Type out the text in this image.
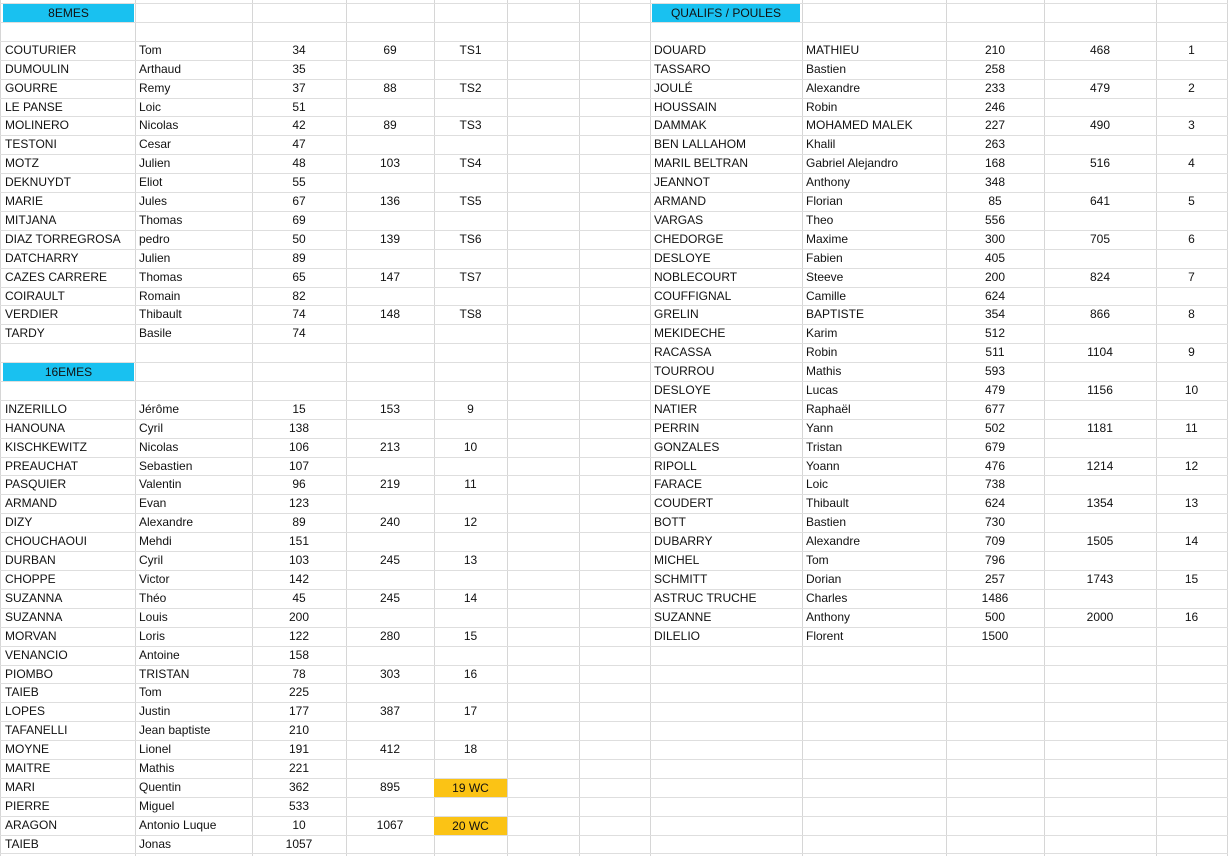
8EMES
COUTURIER	Tom	34	69	TS1
DUMOULIN	Arthaud	35
GOURRE	Remy	37	88	TS2
LE PANSE	Loic	51
MOLINERO	Nicolas	42	89	TS3
TESTONI	Cesar	47
MOTZ	Julien	48	103	TS4
DEKNUYDT	Eliot	55
MARIE	Jules	67	136	TS5
MITJANA	Thomas	69
DIAZ TORREGROSA	pedro	50	139	TS6
DATCHARRY	Julien	89
CAZES CARRERE	Thomas	65	147	TS7
COIRAULT	Romain	82
VERDIER	Thibault	74	148	TS8
TARDY	Basile	74
16EMES
INZERILLO	Jérôme	15	153	9
HANOUNA	Cyril	138
KISCHKEWITZ	Nicolas	106	213	10
PREAUCHAT	Sebastien	107
PASQUIER	Valentin	96	219	11
ARMAND	Evan	123
DIZY	Alexandre	89	240	12
CHOUCHAOUI	Mehdi	151
DURBAN	Cyril	103	245	13
CHOPPE	Victor	142
SUZANNA	Théo	45	245	14
SUZANNA	Louis	200
MORVAN	Loris	122	280	15
VENANCIO	Antoine	158
PIOMBO	TRISTAN	78	303	16
TAIEB	Tom	225
LOPES	Justin	177	387	17
TAFANELLI	Jean baptiste	210
MOYNE	Lionel	191	412	18
MAITRE	Mathis	221
MARI	Quentin	362	895	19 WC
PIERRE	Miguel	533
ARAGON	Antonio Luque	10	1067	20 WC
TAIEB	Jonas	1057
QUALIFS / POULES
DOUARD	MATHIEU	210	468	1
TASSARO	Bastien	258
JOULÉ	Alexandre	233	479	2
HOUSSAIN	Robin	246
DAMMAK	MOHAMED MALEK	227	490	3
BEN LALLAHOM	Khalil	263
MARIL BELTRAN	Gabriel Alejandro	168	516	4
JEANNOT	Anthony	348
ARMAND	Florian	85	641	5
VARGAS	Theo	556
CHEDORGE	Maxime	300	705	6
DESLOYE	Fabien	405
NOBLECOURT	Steeve	200	824	7
COUFFIGNAL	Camille	624
GRELIN	BAPTISTE	354	866	8
MEKIDECHE	Karim	512
RACASSA	Robin	511	1104	9
TOURROU	Mathis	593
DESLOYE	Lucas	479	1156	10
NATIER	Raphaël	677
PERRIN	Yann	502	1181	11
GONZALES	Tristan	679
RIPOLL	Yoann	476	1214	12
FARACE	Loic	738
COUDERT	Thibault	624	1354	13
BOTT	Bastien	730
DUBARRY	Alexandre	709	1505	14
MICHEL	Tom	796
SCHMITT	Dorian	257	1743	15
ASTRUC TRUCHE	Charles	1486
SUZANNE	Anthony	500	2000	16
DILELIO	Florent	1500
